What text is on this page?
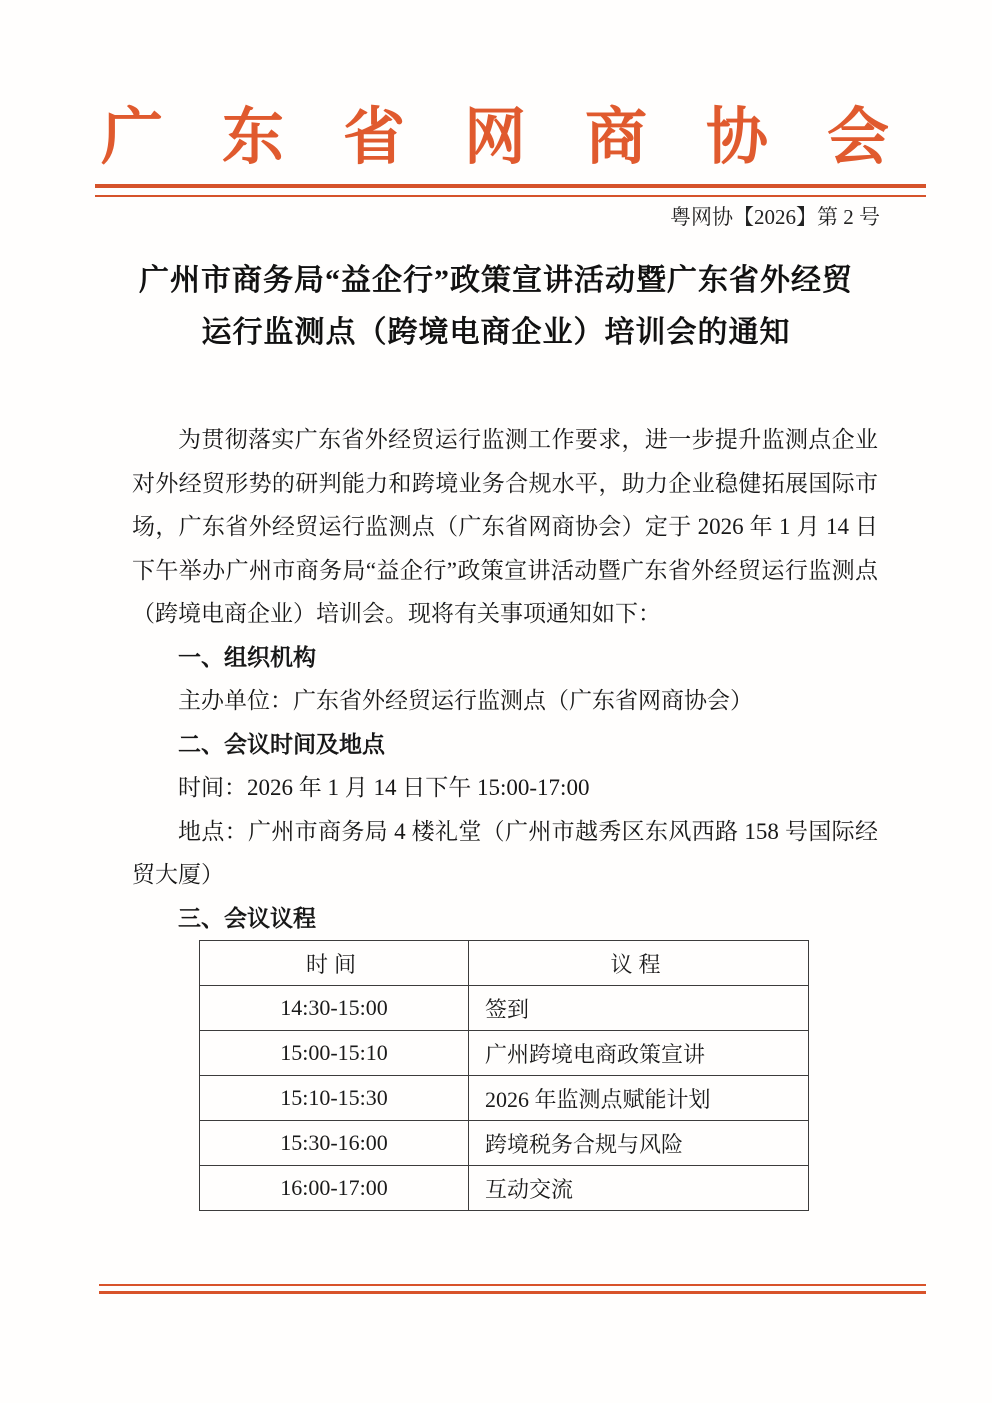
广 东 省 网 商 协 会
粤网协【2026】第 2 号
广州市商务局“益企行”政策宣讲活动暨广东省外经贸
运行监测点（跨境电商企业）培训会的通知

为贯彻落实广东省外经贸运行监测工作要求，进一步提升监测点企业对外经贸形势的研判能力和跨境业务合规水平，助力企业稳健拓展国际市场，广东省外经贸运行监测点（广东省网商协会）定于 2026 年 1 月 14 日下午举办广州市商务局“益企行”政策宣讲活动暨广东省外经贸运行监测点（跨境电商企业）培训会。现将有关事项通知如下：

一、组织机构

主办单位：广东省外经贸运行监测点（广东省网商协会）

二、会议时间及地点

时间：2026 年 1 月 14 日下午 15:00-17:00

地点：广州市商务局 4 楼礼堂（广州市越秀区东风西路 158 号国际经贸大厦）

三、会议议程

时间	议程
14:30-15:00	签到
15:00-15:10	广州跨境电商政策宣讲
15:10-15:30	2026 年监测点赋能计划
15:30-16:00	跨境税务合规与风险
16:00-17:00	互动交流
